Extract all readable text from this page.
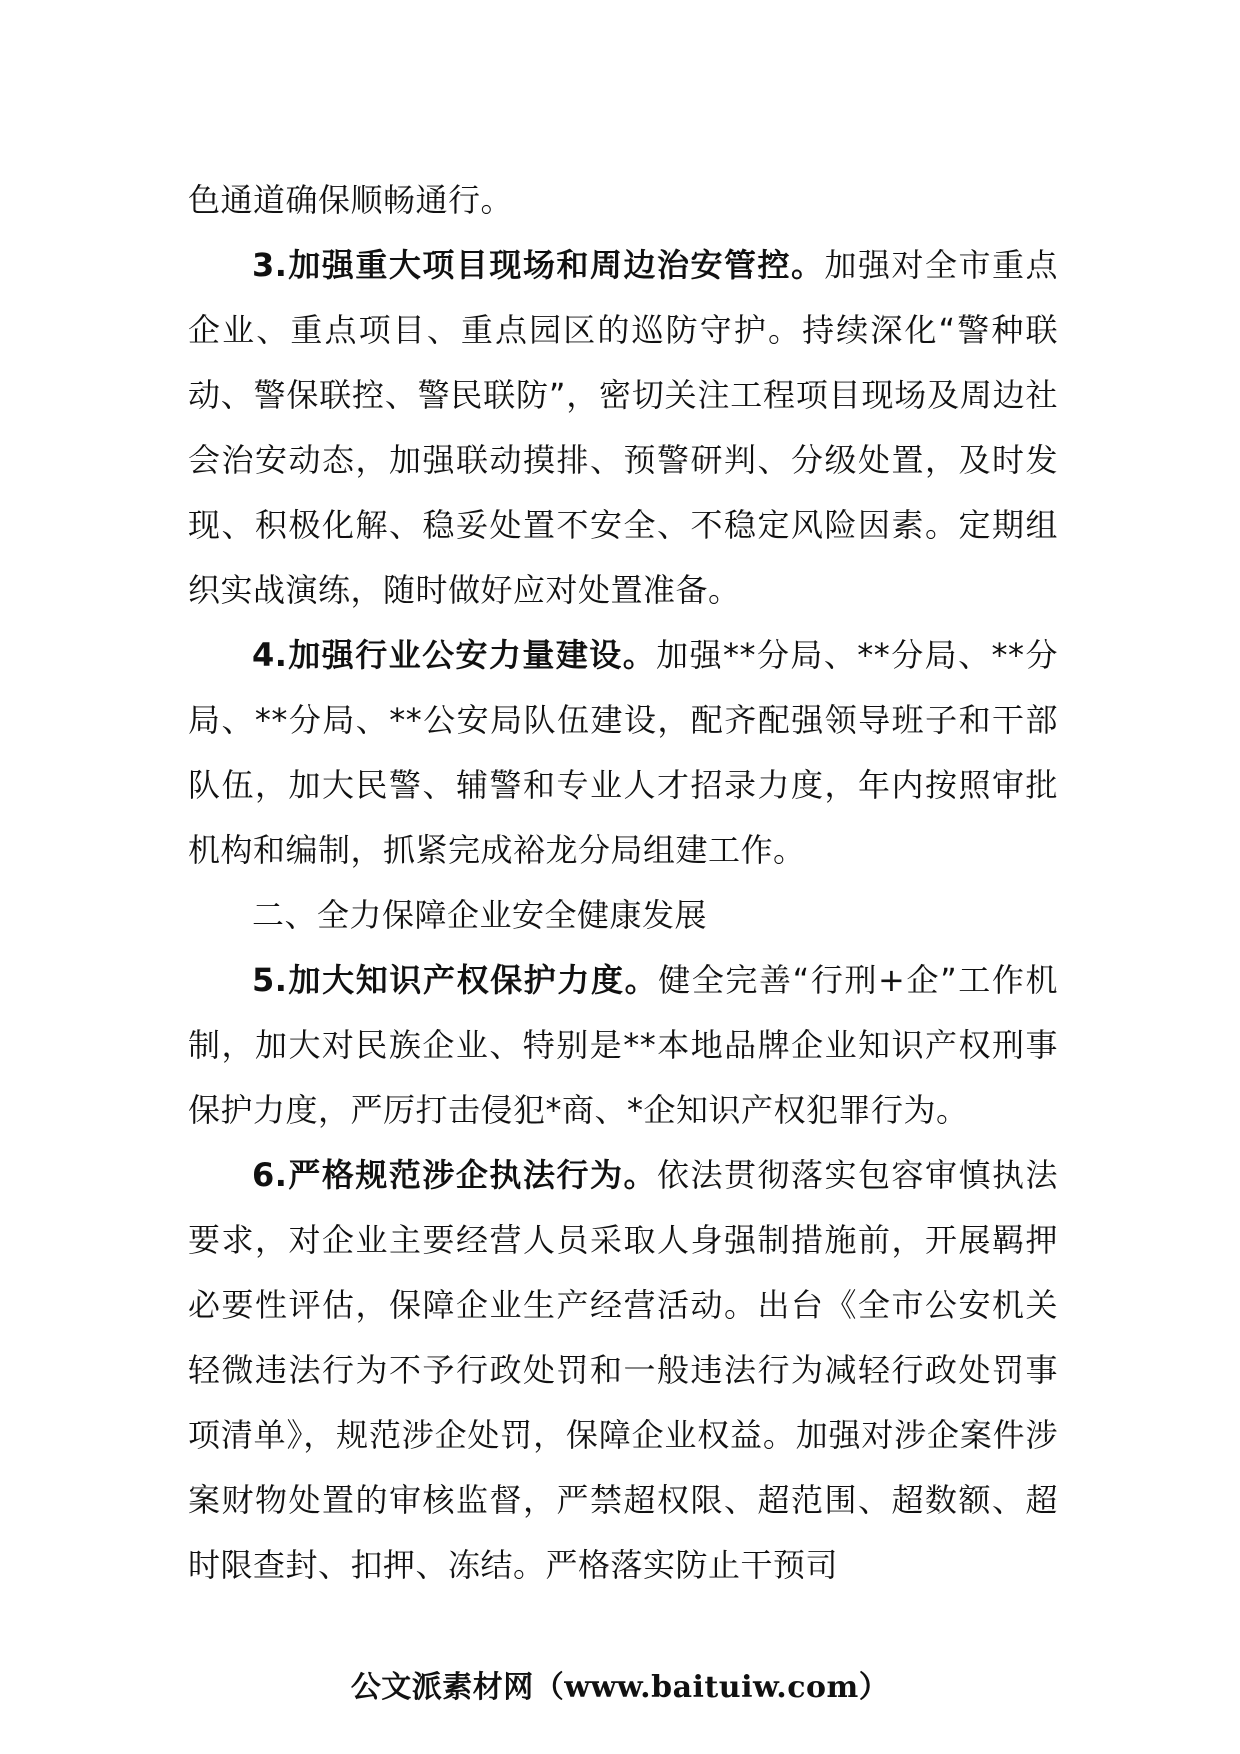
色通道确保顺畅通行。

3.加强重大项目现场和周边治安管控。加强对全市重点企业、重点项目、重点园区的巡防守护。持续深化“警种联动、警保联控、警民联防”，密切关注工程项目现场及周边社会治安动态，加强联动摸排、预警研判、分级处置，及时发现、积极化解、稳妥处置不安全、不稳定风险因素。定期组织实战演练，随时做好应对处置准备。

4.加强行业公安力量建设。加强**分局、**分局、**分局、**分局、**公安局队伍建设，配齐配强领导班子和干部队伍，加大民警、辅警和专业人才招录力度，年内按照审批机构和编制，抓紧完成裕龙分局组建工作。

二、全力保障企业安全健康发展

5.加大知识产权保护力度。健全完善“行刑+企”工作机制，加大对民族企业、特别是**本地品牌企业知识产权刑事保护力度，严厉打击侵犯*商、*企知识产权犯罪行为。

6.严格规范涉企执法行为。依法贯彻落实包容审慎执法要求，对企业主要经营人员采取人身强制措施前，开展羁押必要性评估，保障企业生产经营活动。出台《全市公安机关轻微违法行为不予行政处罚和一般违法行为减轻行政处罚事项清单》，规范涉企处罚，保障企业权益。加强对涉企案件涉案财物处置的审核监督，严禁超权限、超范围、超数额、超时限查封、扣押、冻结。严格落实防止干预司

公文派素材网（www.baituiw.com）
